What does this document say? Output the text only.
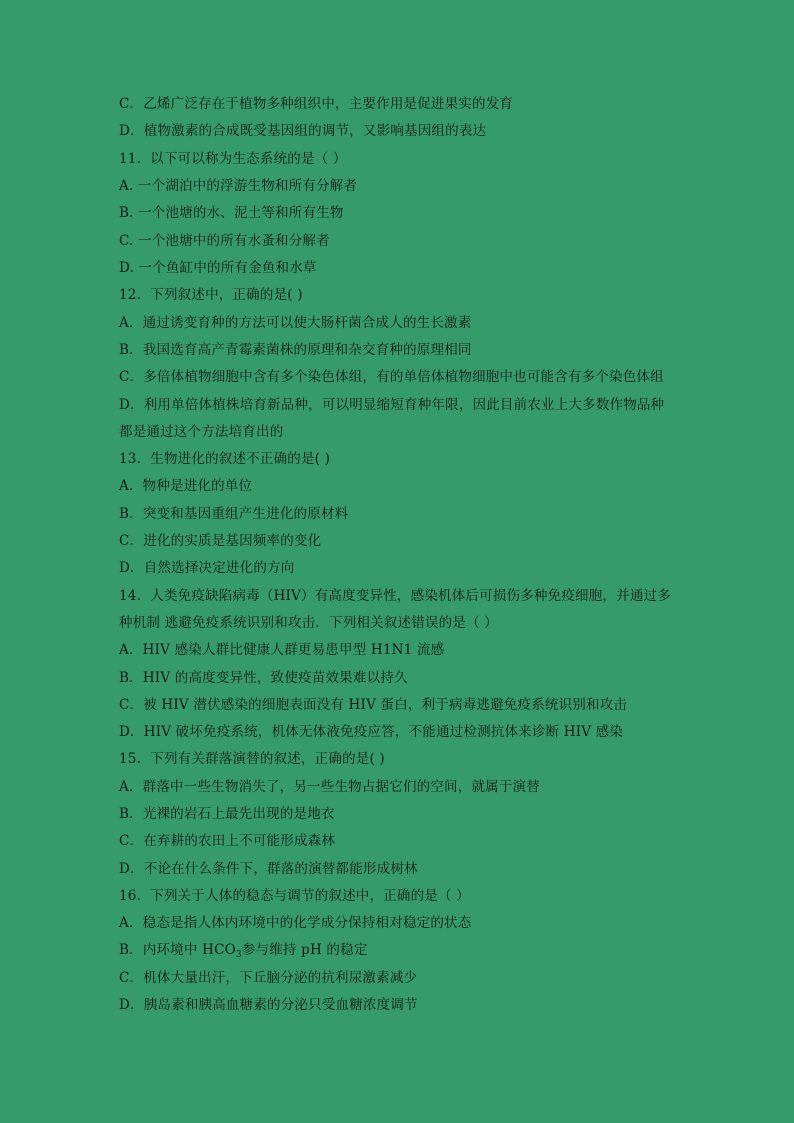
C．乙烯广泛存在于植物多种组织中，主要作用是促进果实的发育
D．植物激素的合成既受基因组的调节，又影响基因组的表达
11．以下可以称为生态系统的是（ ）
A. 一个湖泊中的浮游生物和所有分解者
B. 一个池塘的水、泥土等和所有生物
C. 一个池塘中的所有水蚤和分解者
D. 一个鱼缸中的所有金鱼和水草
12．下列叙述中，正确的是( )
A．通过诱变育种的方法可以使大肠杆菌合成人的生长激素
B．我国选育高产青霉素菌株的原理和杂交育种的原理相同
C．多倍体植物细胞中含有多个染色体组，有的单倍体植物细胞中也可能含有多个染色体组
D．利用单倍体植株培育新品种，可以明显缩短育种年限，因此目前农业上大多数作物品种
都是通过这个方法培育出的
13．生物进化的叙述不正确的是( )
A．物种是进化的单位
B．突变和基因重组产生进化的原材料
C．进化的实质是基因频率的变化
D．自然选择决定进化的方向
14．人类免疫缺陷病毒（HIV）有高度变异性，感染机体后可损伤多种免疫细胞，并通过多
种机制 逃避免疫系统识别和攻击．下列相关叙述错误的是（ ）
A．HIV 感染人群比健康人群更易患甲型 H1N1 流感
B．HIV 的高度变异性，致使疫苗效果难以持久
C．被 HIV 潜伏感染的细胞表面没有 HIV 蛋白，利于病毒逃避免疫系统识别和攻击
D．HIV 破坏免疫系统，机体无体液免疫应答，不能通过检测抗体来诊断 HIV 感染
15．下列有关群落演替的叙述，正确的是( )
A．群落中一些生物消失了，另一些生物占据它们的空间，就属于演替
B．光裸的岩石上最先出现的是地衣
C．在弃耕的农田上不可能形成森林
D．不论在什么条件下，群落的演替都能形成树林
16．下列关于人体的稳态与调节的叙述中，正确的是（ ）
A．稳态是指人体内环境中的化学成分保持相对稳定的状态
B．内环境中 $HCO_3$参与维持 pH 的稳定
C．机体大量出汗，下丘脑分泌的抗利尿激素减少
D．胰岛素和胰高血糖素的分泌只受血糖浓度调节
